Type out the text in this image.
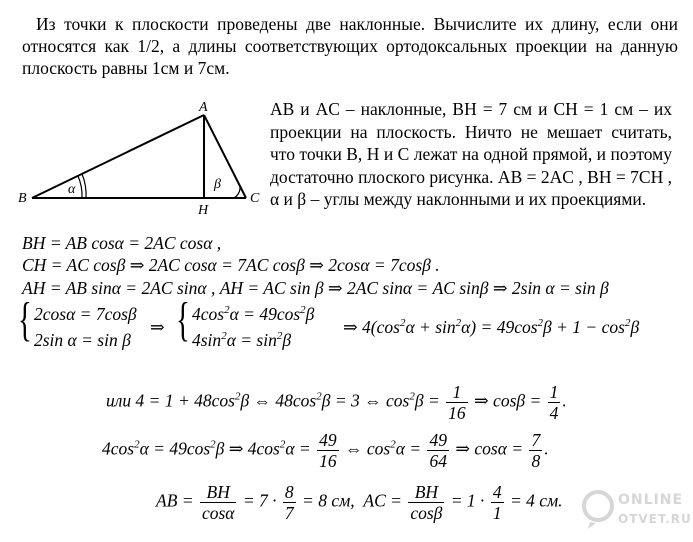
Из точки к плоскости проведены две наклонные. Вычислите их длину, если они относятся как 1/2, а длины соответствующих ортодоксальных проекции на данную плоскость равны 1см и 7см.
A
B	C
H
α	β
AB и AC – наклонные, BH = 7 см и CH = 1 см – их проекции на плоскость. Ничто не мешает считать, что точки B, H и C лежат на одной прямой, и поэтому достаточно плоского рисунка. AB = 2AC , BH = 7CH , α и β – углы между наклонными и их проекциями.
BH = AB cosα = 2AC cosα ,
CH = AC cosβ ⇒ 2AC cosα = 7AC cosβ ⇒ 2cosα = 7cosβ .
AH = AB sinα = 2AC sinα , AH = AC sin β ⇒ 2AC sinα = AC sinβ ⇒ 2sin α = sin β
{ 2cosα = 7cosβ
2sin α = sin β
⇒ { $4\cos^2\alpha = 49\cos^2\beta$
$4\sin^2\alpha = \sin^2\beta$
⇒ $4(\cos^2\alpha + \sin^2\alpha) = 49\cos^2\beta + 1 - \cos^2\beta$
или $4 = 1 + 48\cos^2\beta$ ⇔ $48\cos^2\beta = 3$ ⇔ $\cos^2\beta = \frac{1}{16}$ ⇒ $\cos\beta = \frac{1}{4}$ .
$4\cos^2\alpha = 49\cos^2\beta$ ⇒ $4\cos^2\alpha = \frac{49}{16}$ ⇔ $\cos^2\alpha = \frac{49}{64}$ ⇒ $\cos\alpha = \frac{7}{8}$ .
AB = $\frac{BH}{\cos\alpha} = 7 \cdot \frac{8}{7} = 8$ см, AC = $\frac{BH}{\cos\beta} = 1 \cdot \frac{4}{1} = 4$ см.	ONLINE
OTVET.RU
